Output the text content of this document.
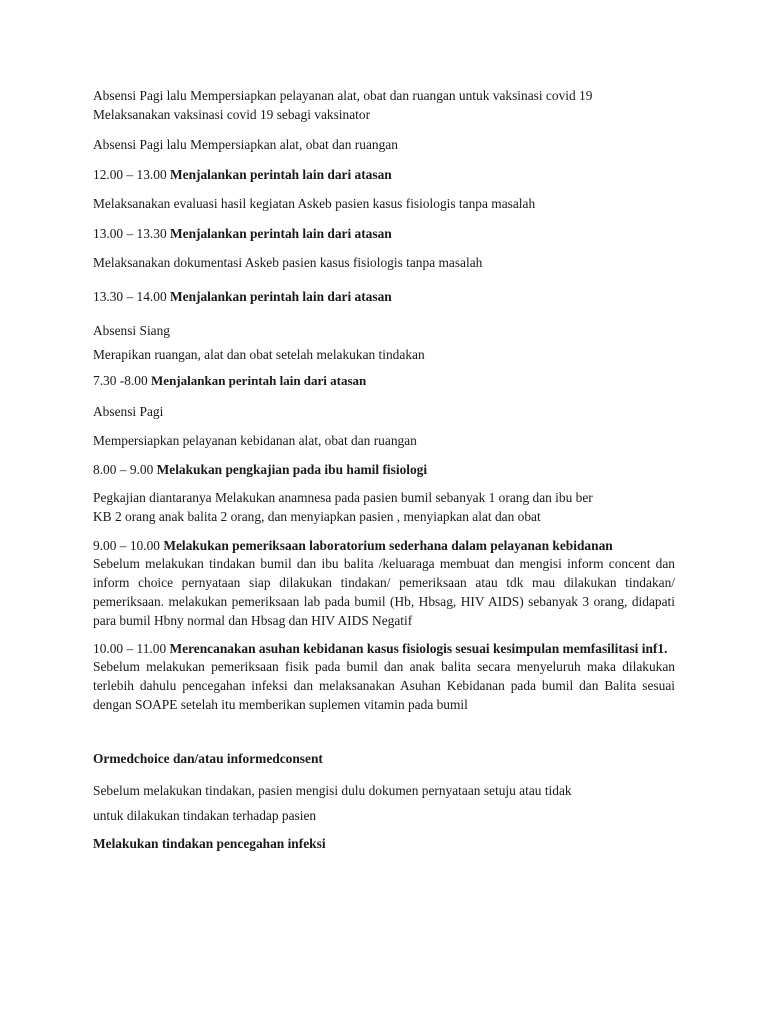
Absensi Pagi lalu Mempersiapkan pelayanan alat, obat dan ruangan untuk vaksinasi covid 19
Melaksanakan vaksinasi covid 19 sebagi vaksinator

Absensi Pagi lalu Mempersiapkan alat, obat dan ruangan

12.00 – 13.00 Menjalankan perintah lain dari atasan

Melaksanakan evaluasi hasil kegiatan Askeb pasien kasus fisiologis tanpa masalah

13.00 – 13.30 Menjalankan perintah lain dari atasan

Melaksanakan dokumentasi Askeb pasien kasus fisiologis tanpa masalah

13.30 – 14.00 Menjalankan perintah lain dari atasan

Absensi Siang

Merapikan ruangan, alat dan obat setelah melakukan tindakan

7.30 -8.00 Menjalankan perintah lain dari atasan

Absensi Pagi

Mempersiapkan pelayanan kebidanan alat, obat dan ruangan

8.00 – 9.00 Melakukan pengkajian pada ibu hamil fisiologi

Pegkajian diantaranya Melakukan anamnesa pada pasien bumil sebanyak 1 orang dan ibu ber
KB 2 orang anak balita 2 orang, dan menyiapkan pasien , menyiapkan alat dan obat

9.00 – 10.00 Melakukan pemeriksaan laboratorium sederhana dalam pelayanan kebidanan

Sebelum melakukan tindakan bumil dan ibu balita /keluaraga membuat dan mengisi inform concent dan inform choice pernyataan siap dilakukan tindakan/ pemeriksaan atau tdk mau dilakukan tindakan/ pemeriksaan. melakukan pemeriksaan lab pada bumil (Hb, Hbsag, HIV AIDS) sebanyak 3 orang, didapati para bumil Hbny normal dan Hbsag dan HIV AIDS Negatif

10.00 – 11.00 Merencanakan asuhan kebidanan kasus fisiologis sesuai kesimpulan memfasilitasi inf1.

Sebelum melakukan pemeriksaan fisik pada bumil dan anak balita secara menyeluruh maka dilakukan terlebih dahulu pencegahan infeksi dan melaksanakan Asuhan Kebidanan pada bumil dan Balita sesuai dengan SOAPE setelah itu memberikan suplemen vitamin pada bumil

Ormedchoice dan/atau informedconsent

Sebelum melakukan tindakan, pasien mengisi dulu dokumen pernyataan setuju atau tidak
untuk dilakukan tindakan terhadap pasien

Melakukan tindakan pencegahan infeksi
